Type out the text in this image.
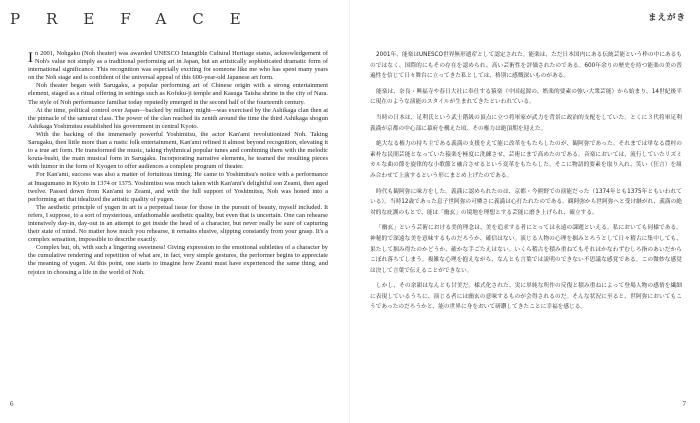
PREFACE

In 2001, Nohgaku (Noh theater) was awarded UNESCO Intangible Cultural Heritage status, acknowledgement of Noh's value not simply as a traditional performing art in Japan, but an artistically sophisticated dramatic form of international significance. This recognition was especially exciting for someone like me who has spent many years on the Noh stage and is confident of the universal appeal of this 600-year-old Japanese art form.

Noh theater began with Sarugaku, a popular performing art of Chinese origin with a strong entertainment element, staged as a ritual offering in settings such as Kofuku-ji temple and Kasuga Taisha shrine in the city of Nara. The style of Noh performance familiar today reputedly emerged in the second half of the fourteenth century.

At the time, political control over Japan—backed by military might—was exercised by the Ashikaga clan then at the pinnacle of the samurai class. The power of the clan reached its zenith around the time the third Ashikaga shogun Ashikaga Yoshimitsu established his government in central Kyoto.

With the backing of the immensely powerful Yoshimitsu, the actor Kan'ami revolutionized Noh. Taking Sarugaku, then little more than a rustic folk entertainment, Kan'ami refined it almost beyond recognition, elevating it to a true art form. He transformed the music, taking rhythmical popular tunes and combining them with the melodic kouta-bushi, the main musical form in Sarugaku. Incorporating narrative elements, he teamed the resulting pieces with humor in the form of Kyogen to offer audiences a complete program of theater.

For Kan'ami, success was also a matter of fortuitous timing. He came to Yoshimitsu's notice with a performance at Imagumano in Kyoto in 1374 or 1375. Yoshimitsu was much taken with Kan'ami's delightful son Zeami, then aged twelve. Passed down from Kan'ami to Zeami, and with the full support of Yoshimitsu, Noh was honed into a performing art that idealized the artistic quality of yugen.

The aesthetic principle of yugen in art is a perpetual issue for those in the pursuit of beauty, myself included. It refers, I suppose, to a sort of mysterious, unfathomable aesthetic quality, but even that is uncertain. One can rehearse intensively day-in, day-out in an attempt to get inside the head of a character, but never really be sure of capturing their state of mind. No matter how much you rehearse, it remains elusive, slipping constantly from your grasp. It's a complex sensation, impossible to describe exactly.

Complex but, oh, with such a lingering sweetness! Giving expression to the emotional subtleties of a character by the cumulative rendering and repetition of what are, in fact, very simple gestures, the performer begins to appreciate the meaning of yugen. At this point, one starts to imagine how Zeami must have experienced the same thing, and rejoice in choosing a life in the world of Noh.

6
まえがき

2001年、能楽はUNESCO世界無形遺産として認定された。能楽は、ただ日本国内にある伝統芸能という枠の中にあるものではなく、国際的にもその存在を認められ、高い芸術性を評価されたのである。600年余りの歴史を持つ能楽の美の普遍性を信じて日々舞台に立ってきた私としては、格別に感慨深いものがある。

能楽は、奈良・興福寺や春日大社に奉仕する猿楽（中国起源の、娯楽的要素の強い大衆芸能）から始まり、14世紀後半に現在のような演能のスタイルが生まれてきたといわれている。

当時の日本は、足利氏という武士階級の頂点に立つ将軍家が武力を背景に政治的支配をしていた。とくに３代将軍足利義満が京都の中心部に幕府を構えた頃、その権力は絶頂期を迎えた。

絶大なる権力の持ち主である義満の支援をえて能に改革をもたらしたのが、観阿弥であった。それまでは単なる農村の素朴な民間芸能となっていた猿楽を極度に洗練させ、芸術にまで高めたのである。音楽においては、流行していたリズミカルな曲の節を旋律的な小歌節と融合させるという変革をもたらした。そこに物語的要素を取り入れ、笑い（狂言）を組み合わせて上演するという形にまとめ上げたのである。

時代も観阿弥に味方をした。義満に認められたのは、京都・今熊野での演能だった（1374年とも1375年ともいわれている）。当時12歳であった息子世阿弥の可憐さに義満は心打たれたのである。観阿弥から世阿弥へと受け継がれ、義満の絶対的な庇護のもとで、能は「幽玄」の境地を理想とする芸能に磨き上げられ、確立する。

「幽玄」という芸術における美的理念は、美を追求する者にとっては永遠の課題といえる。私においても同様である。神秘的で深遠な美を意味するものだろうか、確信はない。演じる人物の心理を掴みとろうとして日々稽古に集中しても、果たして掴み得たのかどうか、確かな手ごたえはない。いくら稽古を積み重ねてもそれはかなわずむしろ指のあいだからこぼれ落ちてしまう。複雑な心理を抱えながら、なんとも言葉では説明のできない不思議な感覚である。この微妙な感覚は決して言葉で伝えることができない。

しかし、その余韻はなんとも甘美だ。様式化された、実に単純な所作の反復と積み重ねによって登場人物の感情を繊細に表現しているうちに、演じる者には幽玄の意味するものが会得されるのだ。そんな状況に至ると、世阿弥においてもこうであったのだろうかと、能の世界に身をおいて研鑽してきたことに幸福を感じる。

7
